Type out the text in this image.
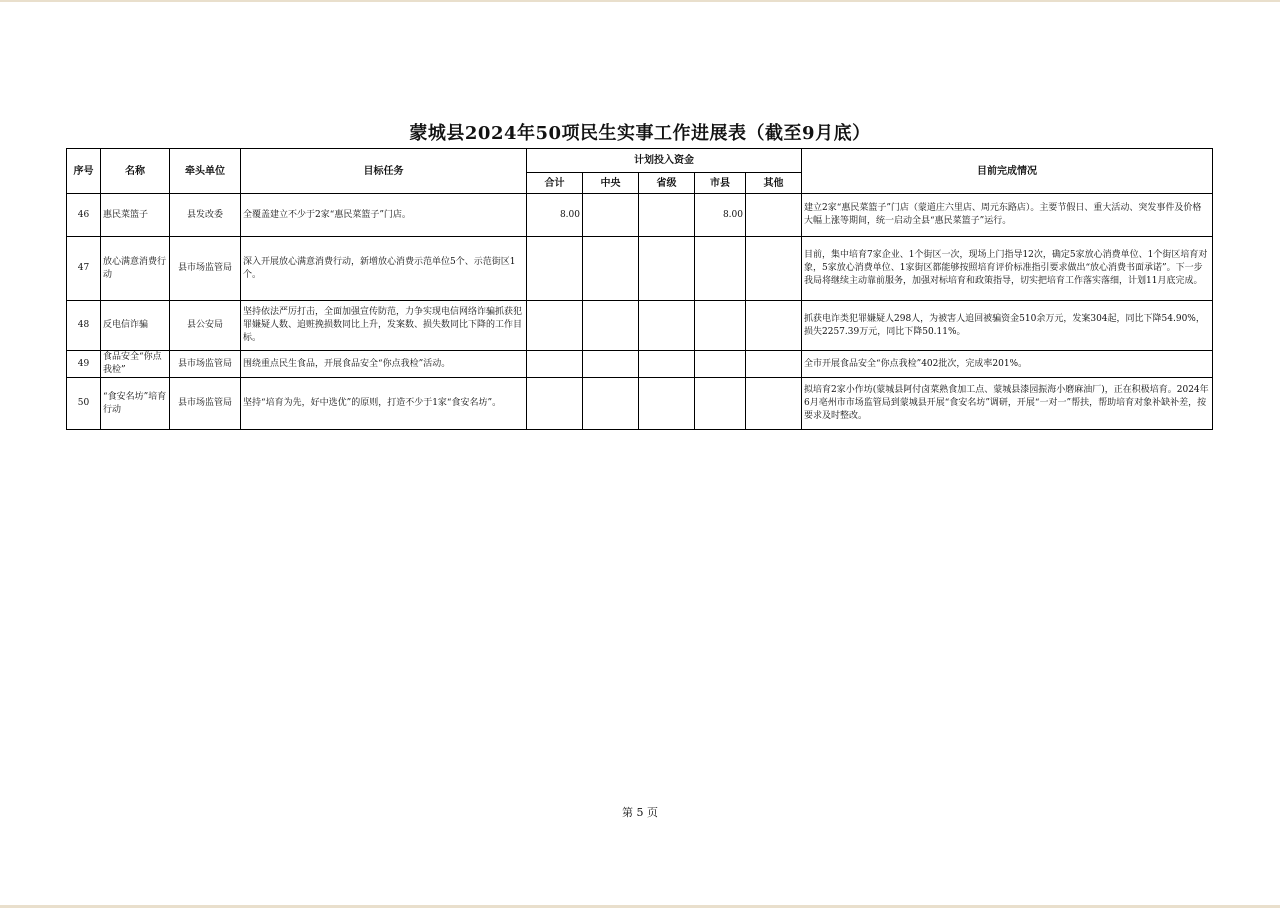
蒙城县2024年50项民生实事工作进展表（截至9月底）
序号	名称	牵头单位	目标任务	计划投入资金					目前完成情况
				合计	中央	省级	市县	其他	
46	惠民菜篮子	县发改委	全覆盖建立不少于2家“惠民菜篮子”门店。	8.00			8.00		建立2家“惠民菜篮子”门店（蒙道庄六里店、周元东路店）。主要节假日、重大活动、突发事件及价格大幅上涨等期间，统一启动全县“惠民菜篮子”运行。
47	放心满意消费行动	县市场监管局	深入开展放心满意消费行动，新增放心消费示范单位5个、示范街区1个。						目前，集中培育7家企业、1个街区一次，现场上门指导12次，确定5家放心消费单位、1个街区培育对象，5家放心消费单位、1家街区都能够按照培育评价标准指引要求做出“放心消费书面承诺”。下一步我局将继续主动靠前服务，加强对标培育和政策指导，切实把培育工作落实落细，计划11月底完成。
48	反电信诈骗	县公安局	坚持依法严厉打击，全面加强宣传防范，力争实现电信网络诈骗抓获犯罪嫌疑人数、追赃挽损数同比上升，发案数、损失数同比下降的工作目标。						抓获电诈类犯罪嫌疑人298人，为被害人追回被骗资金510余万元，发案304起，同比下降54.90%，损失2257.39万元，同比下降50.11%。
49	食品安全“你点我检”	县市场监管局	围绕重点民生食品，开展食品安全“你点我检”活动。						全市开展食品安全“你点我检”402批次，完成率201%。
50	“食安名坊”培育行动	县市场监管局	坚持“培育为先，好中选优”的原则，打造不少于1家“食安名坊”。						拟培育2家小作坊(蒙城县阿付卤菜熟食加工点、蒙城县漆园振海小磨麻油厂)，正在积极培育。2024年6月亳州市市场监管局到蒙城县开展“食安名坊”调研，开展“一对一”帮扶，帮助培育对象补缺补差，按要求及时整改。
第 5 页
